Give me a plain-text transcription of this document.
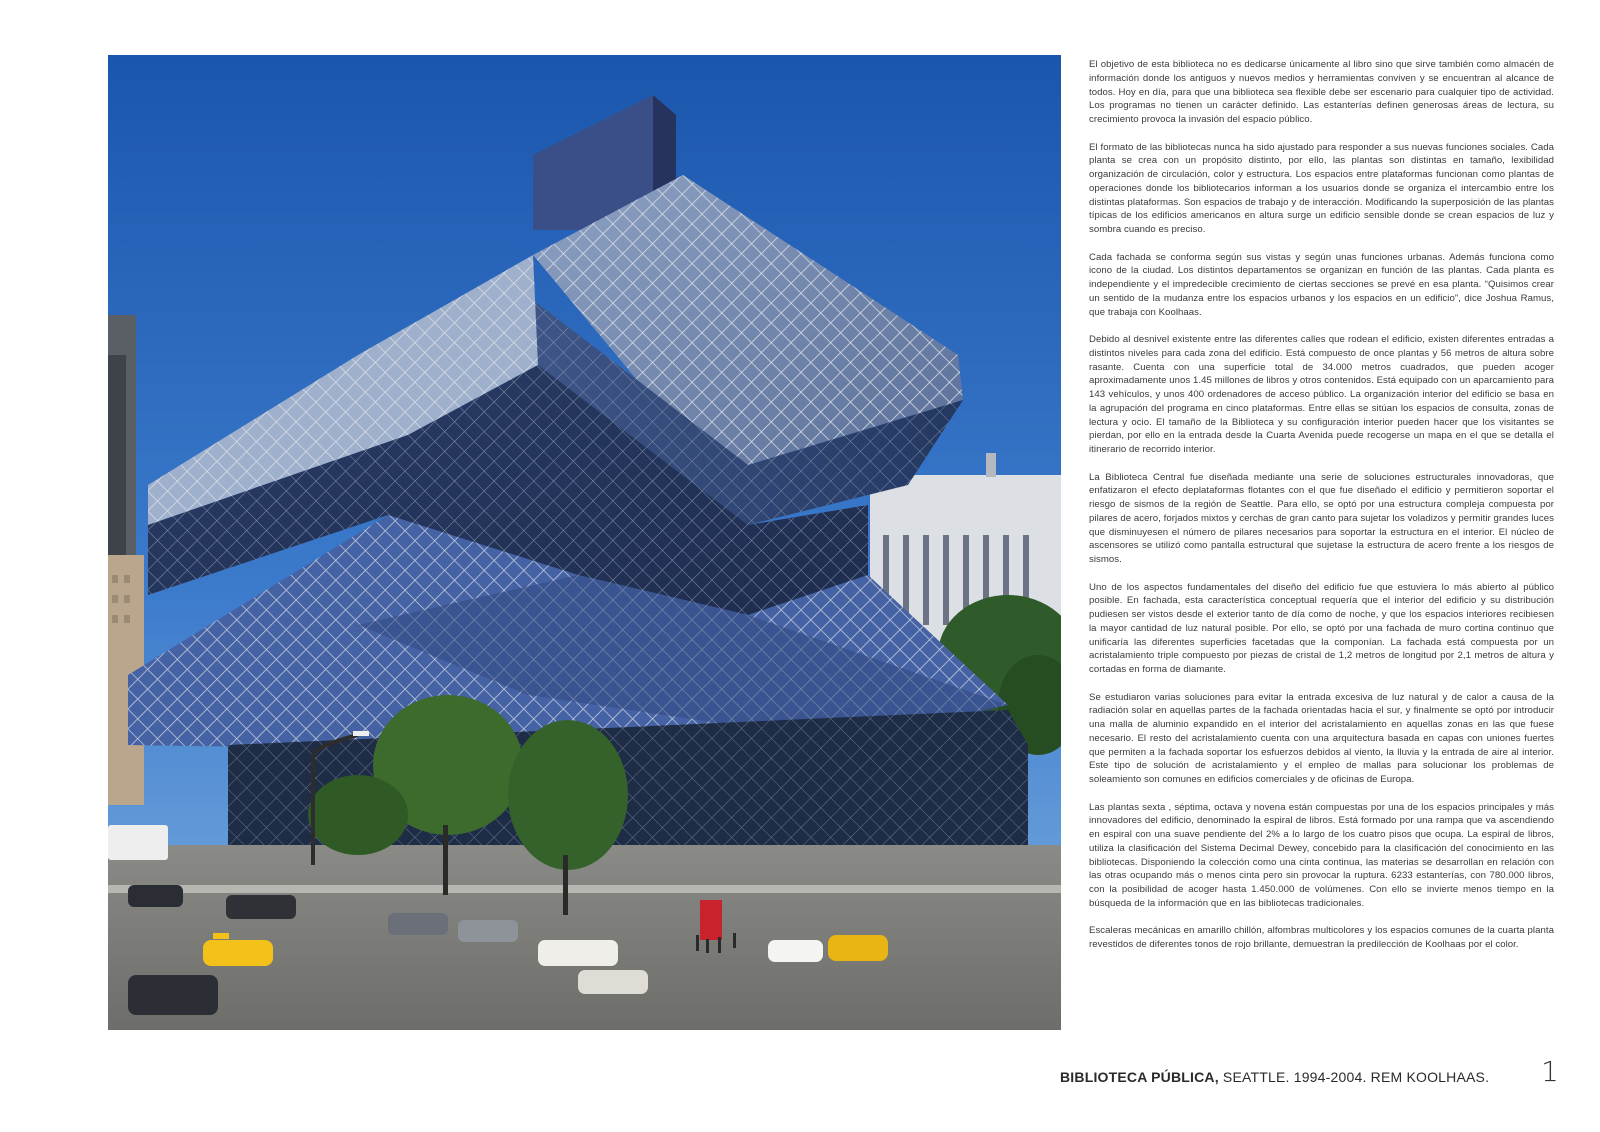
El objetivo de esta biblioteca no es dedicarse únicamente al libro sino que sirve también como almacén de información donde los antiguos y nuevos medios y herramientas conviven y se encuentran al alcance de todos. Hoy en día, para que una biblioteca sea flexible debe ser escenario para cualquier tipo de actividad. Los programas no tienen un carácter definido. Las estanterías definen generosas áreas de lectura, su crecimiento provoca la invasión del espacio público.

El formato de las bibliotecas nunca ha sido ajustado para responder a sus nuevas funciones sociales. Cada planta se crea con un propósito distinto, por ello, las plantas son distintas en tamaño, lexibilidad organización de circulación, color y estructura. Los espacios entre plataformas funcionan como plantas de operaciones donde los bibliotecarios informan a los usuarios donde se organiza el intercambio entre los distintas plataformas. Son espacios de trabajo y de interacción. Modificando la superposición de las plantas típicas de los edificios americanos en altura surge un edificio sensible donde se crean espacios de luz y sombra cuando es preciso.

Cada fachada se conforma según sus vistas y según unas funciones urbanas. Además funciona como icono de la ciudad. Los distintos departamentos se organizan en función de las plantas. Cada planta es independiente y el impredecible crecimiento de ciertas secciones se prevé en esa planta. “Quisimos crear un sentido de la mudanza entre los espacios urbanos y los espacios en un edificio”, dice Joshua Ramus, que trabaja con Koolhaas.

Debido al desnivel existente entre las diferentes calles que rodean el edificio, existen diferentes entradas a distintos niveles para cada zona del edificio. Está compuesto de once plantas y 56 metros de altura sobre rasante. Cuenta con una superficie total de 34.000 metros cuadrados, que pueden acoger aproximadamente unos 1.45 millones de libros y otros contenidos. Está equipado con un aparcamiento para 143 vehículos, y unos 400 ordenadores de acceso público. La organización interior del edificio se basa en la agrupación del programa en cinco plataformas. Entre ellas se sitúan los espacios de consulta, zonas de lectura y ocio. El tamaño de la Biblioteca y su configuración interior pueden hacer que los visitantes se pierdan, por ello en la entrada desde la Cuarta Avenida puede recogerse un mapa en el que se detalla el itinerario de recorrido interior.

La Biblioteca Central fue diseñada mediante una serie de soluciones estructurales innovadoras, que enfatizaron el efecto deplataformas flotantes con el que fue diseñado el edificio y permitieron soportar el riesgo de sismos de la región de Seattle. Para ello, se optó por una estructura compleja compuesta por pilares de acero, forjados mixtos y cerchas de gran canto para sujetar los voladizos y permitir grandes luces que disminuyesen el número de pilares necesarios para soportar la estructura en el interior. El núcleo de ascensores se utilizó como pantalla estructural que sujetase la estructura de acero frente a los riesgos de sismos.

Uno de los aspectos fundamentales del diseño del edificio fue que estuviera lo más abierto al público posible. En fachada, esta característica conceptual requería que el interior del edificio y su distribución pudiesen ser vistos desde el exterior tanto de día como de noche, y que los espacios interiores recibiesen la mayor cantidad de luz natural posible. Por ello, se optó por una fachada de muro cortina continuo que unificaría las diferentes superficies facetadas que la componían. La fachada está compuesta por un acristalamiento triple compuesto por piezas de cristal de 1,2 metros de longitud por 2,1 metros de altura y cortadas en forma de diamante.

Se estudiaron varias soluciones para evitar la entrada excesiva de luz natural y de calor a causa de la radiación solar en aquellas partes de la fachada orientadas hacia el sur, y finalmente se optó por introducir una malla de aluminio expandido en el interior del acristalamiento en aquellas zonas en las que fuese necesario. El resto del acristalamiento cuenta con una arquitectura basada en capas con uniones fuertes que permiten a la fachada soportar los esfuerzos debidos al viento, la lluvia y la entrada de aire al interior. Este tipo de solución de acristalamiento y el empleo de mallas para solucionar los problemas de soleamiento son comunes en edificios comerciales y de oficinas de Europa.

Las plantas sexta , séptima, octava y novena están compuestas por una de los espacios principales y más innovadores del edificio, denominado la espiral de libros. Está formado por una rampa que va ascendiendo en espiral con una suave pendiente del 2% a lo largo de los cuatro pisos que ocupa. La espiral de libros, utiliza la clasificación del Sistema Decimal Dewey, concebido para la clasificación del conocimiento en las bibliotecas. Disponiendo la colección como una cinta continua, las materias se desarrollan en relación con las otras ocupando más o menos cinta pero sin provocar la ruptura. 6233 estanterías, con 780.000 libros, con la posibilidad de acoger hasta 1.450.000 de volúmenes. Con ello se invierte menos tiempo en la búsqueda de la información que en las bibliotecas tradicionales.

Escaleras mecánicas en amarillo chillón, alfombras multicolores y los espacios comunes de la cuarta planta revestidos de diferentes tonos de rojo brillante, demuestran la predilección de Koolhaas por el color.

BIBLIOTECA PÚBLICA, SEATTLE. 1994-2004. REM KOOLHAAS. 1
